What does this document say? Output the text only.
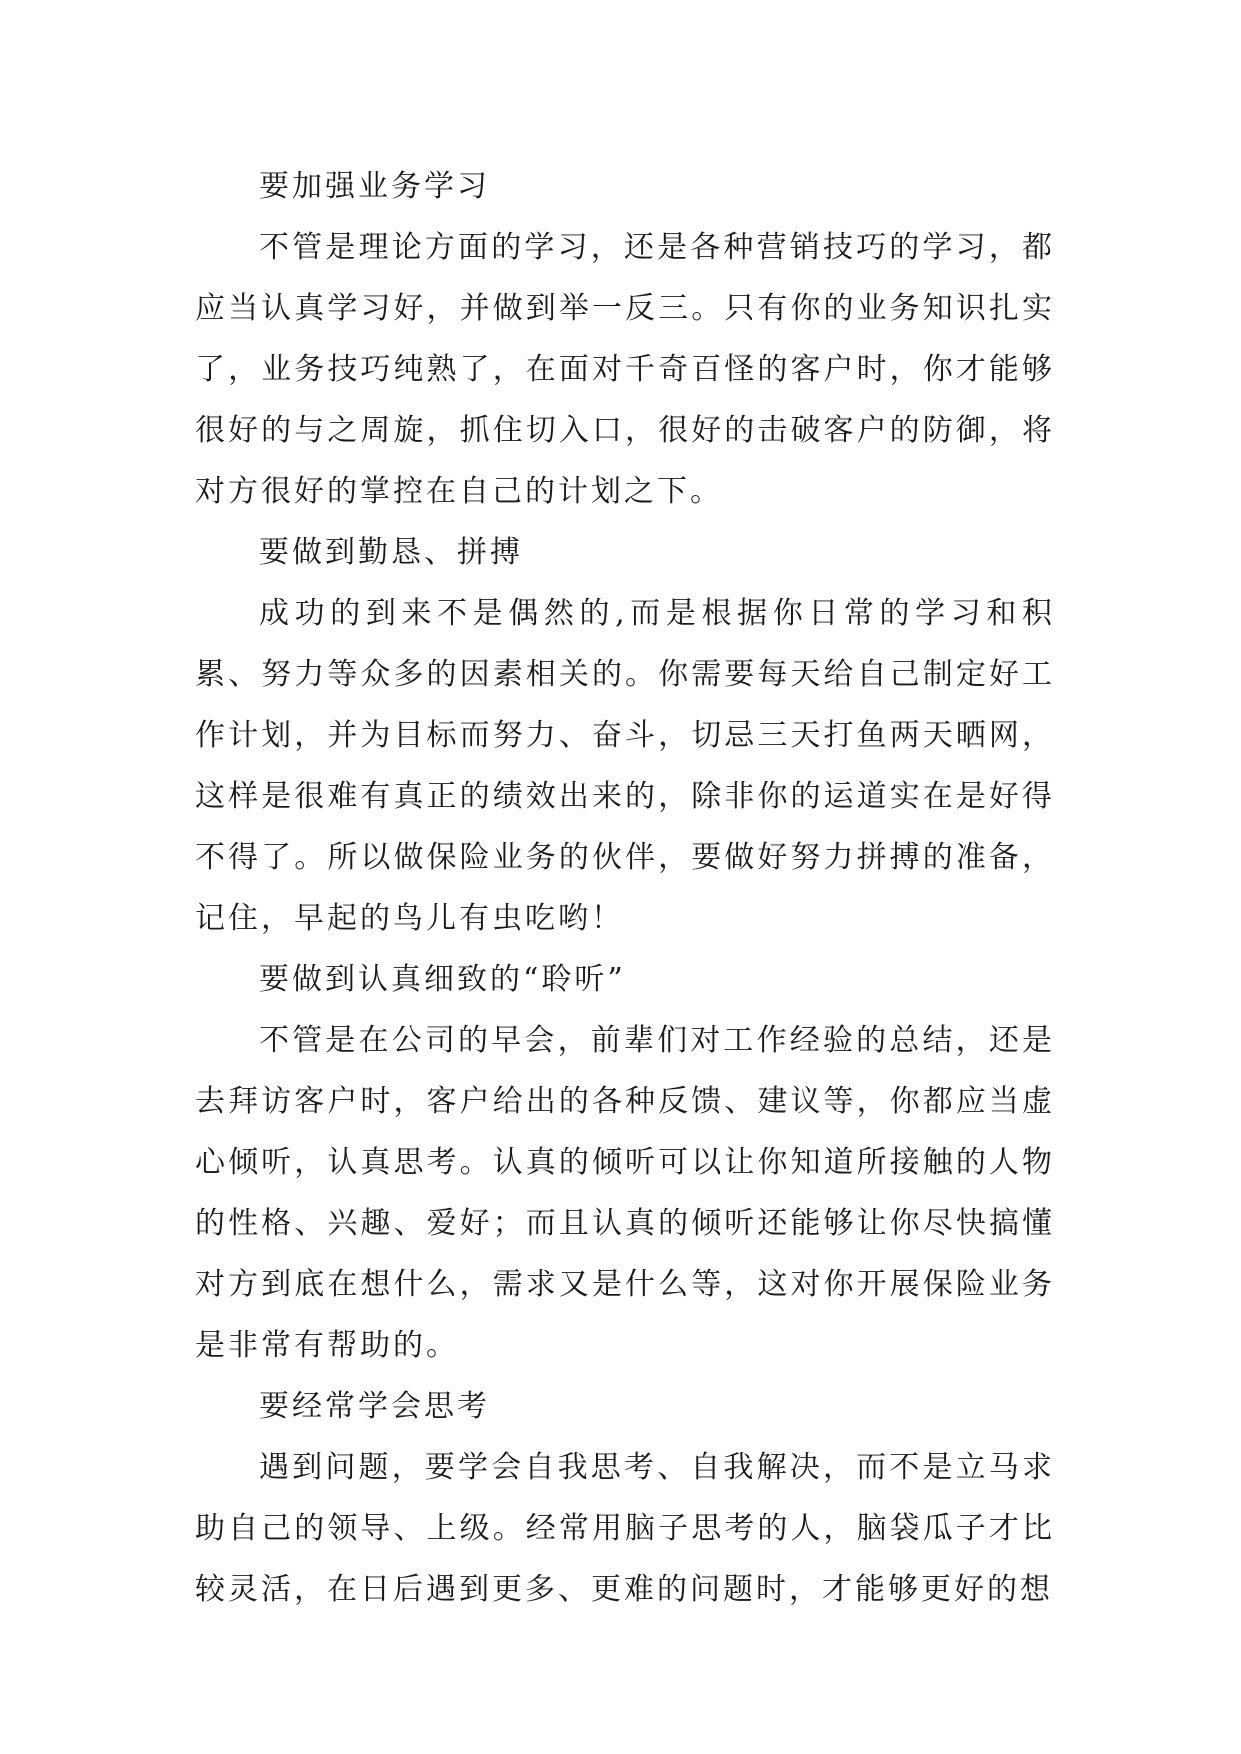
要加强业务学习

不管是理论方面的学习，还是各种营销技巧的学习，都应当认真学习好，并做到举一反三。只有你的业务知识扎实了，业务技巧纯熟了，在面对千奇百怪的客户时，你才能够很好的与之周旋，抓住切入口，很好的击破客户的防御，将对方很好的掌控在自己的计划之下。

要做到勤恳、拼搏

成功的到来不是偶然的,而是根据你日常的学习和积累、努力等众多的因素相关的。你需要每天给自己制定好工作计划，并为目标而努力、奋斗，切忌三天打鱼两天晒网，这样是很难有真正的绩效出来的，除非你的运道实在是好得不得了。所以做保险业务的伙伴，要做好努力拼搏的准备，记住，早起的鸟儿有虫吃哟！

要做到认真细致的“聆听”

不管是在公司的早会，前辈们对工作经验的总结，还是去拜访客户时，客户给出的各种反馈、建议等，你都应当虚心倾听，认真思考。认真的倾听可以让你知道所接触的人物的性格、兴趣、爱好；而且认真的倾听还能够让你尽快搞懂对方到底在想什么，需求又是什么等，这对你开展保险业务是非常有帮助的。

要经常学会思考

遇到问题，要学会自我思考、自我解决，而不是立马求助自己的领导、上级。经常用脑子思考的人，脑袋瓜子才比较灵活，在日后遇到更多、更难的问题时，才能够更好的想
